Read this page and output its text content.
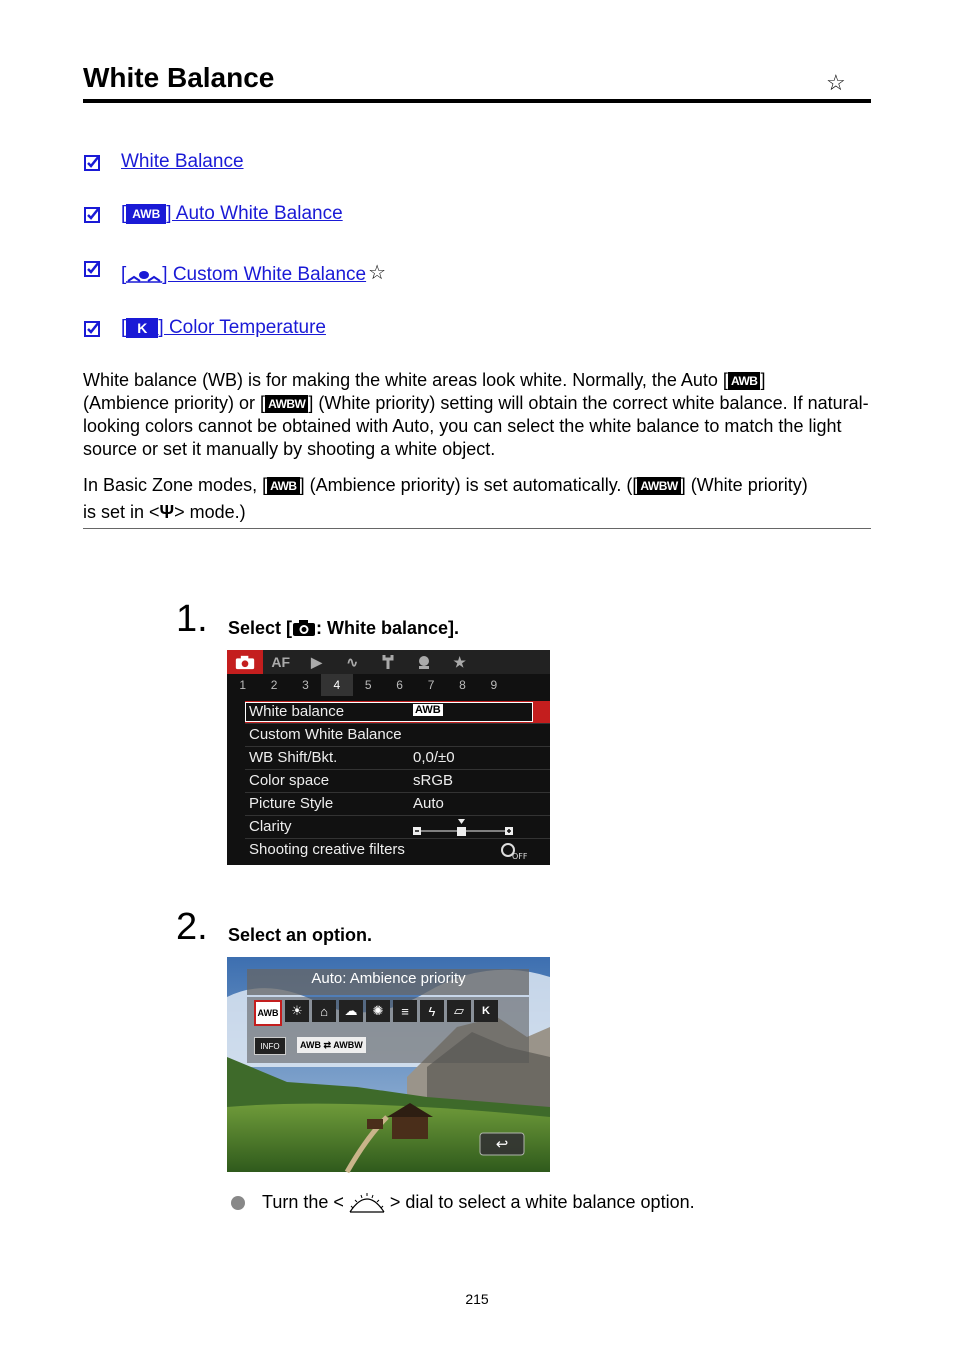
White Balance	☆
White Balance
[ AWB ] Auto White Balance
[ ] Custom White Balance ☆
[ K ] Color Temperature
White balance (WB) is for making the white areas look white. Normally, the Auto [ AWB ]
(Ambience priority) or [ AWBW ] (White priority) setting will obtain the correct white balance. If natural-looking colors cannot be obtained with Auto, you can select the white balance to match the light source or set it manually by shooting a white object.
In Basic Zone modes, [ AWB ] (Ambience priority) is set automatically. ([ AWBW ] (White priority)
is set in <Ψ> mode.)
1. Select [ : White balance].
AF	▶	∿	★
1	2	3	4	5	6	7	8	9
White balance	AWB
Custom White Balance
WB Shift/Bkt.	0,0/±0
Color space	sRGB
Picture Style	Auto
Clarity
Shooting creative filters	OFF
2. Select an option.
Auto: Ambience priority
AWB ☀	⌂	☁	✺	≡	ϟ	▱	K
INFO	AWB ⇄ AWBW
↩
Turn the <	> dial to select a white balance option.
215
